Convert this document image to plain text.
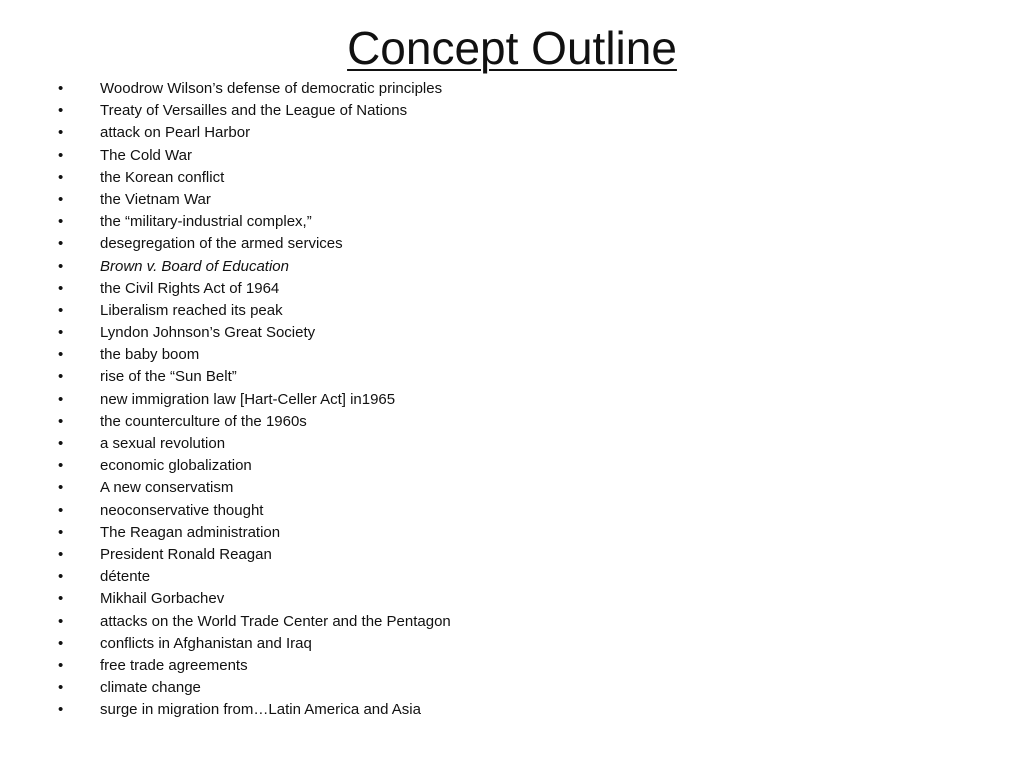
Concept Outline
•	Woodrow Wilson’s defense of democratic principles
•	Treaty of Versailles and the League of Nations
•	attack on Pearl Harbor
•	The Cold War
•	the Korean conflict
•	the Vietnam War
•	the “military-industrial complex,”
•	desegregation of the armed services
•	Brown v. Board of Education
•	the Civil Rights Act of 1964
•	Liberalism reached its peak
•	Lyndon Johnson’s Great Society
•	the baby boom
•	rise of the “Sun Belt”
•	new immigration law [Hart-Celler Act] in1965
•	the counterculture of the 1960s
•	a sexual revolution
•	economic globalization
•	A new conservatism
•	neoconservative thought
•	The Reagan administration
•	President Ronald Reagan
•	détente
•	Mikhail Gorbachev
•	attacks on the World Trade Center and the Pentagon
•	conflicts in Afghanistan and Iraq
•	free trade agreements
•	climate change
•	surge in migration from…Latin America and Asia
